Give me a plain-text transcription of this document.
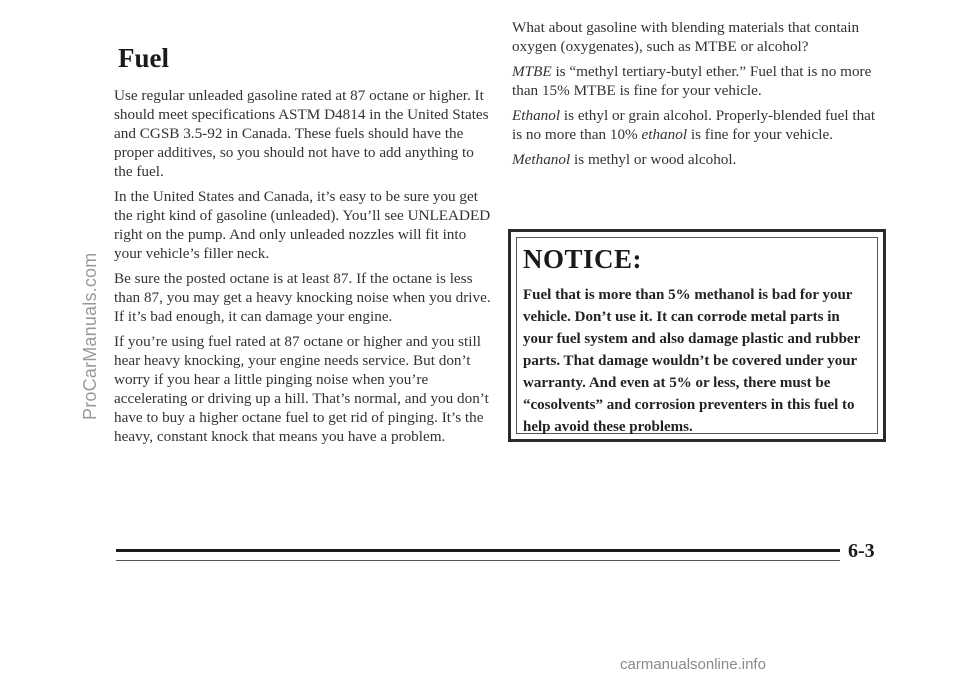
ProCarManuals.com
Fuel

Use regular unleaded gasoline rated at 87 octane or higher. It should meet specifications ASTM D4814 in the United States and CGSB 3.5-92 in Canada. These fuels should have the proper additives, so you should not have to add anything to the fuel.

In the United States and Canada, it’s easy to be sure you get the right kind of gasoline (unleaded). You’ll see UNLEADED right on the pump. And only unleaded nozzles will fit into your vehicle’s filler neck.

Be sure the posted octane is at least 87. If the octane is less than 87, you may get a heavy knocking noise when you drive. If it’s bad enough, it can damage your engine.

If you’re using fuel rated at 87 octane or higher and you still hear heavy knocking, your engine needs service. But don’t worry if you hear a little pinging noise when you’re accelerating or driving up a hill. That’s normal, and you don’t have to buy a higher octane fuel to get rid of pinging. It’s the heavy, constant knock that means you have a problem.

What about gasoline with blending materials that contain oxygen (oxygenates), such as MTBE or alcohol?

MTBE is “methyl tertiary-butyl ether.” Fuel that is no more than 15% MTBE is fine for your vehicle.

Ethanol is ethyl or grain alcohol. Properly-blended fuel that is no more than 10% ethanol is fine for your vehicle.

Methanol is methyl or wood alcohol.

NOTICE:
Fuel that is more than 5% methanol is bad for your vehicle. Don’t use it. It can corrode metal parts in your fuel system and also damage plastic and rubber parts. That damage wouldn’t be covered under your warranty. And even at 5% or less, there must be “cosolvents” and corrosion preventers in this fuel to help avoid these problems.
6-3
carmanualsonline.info
